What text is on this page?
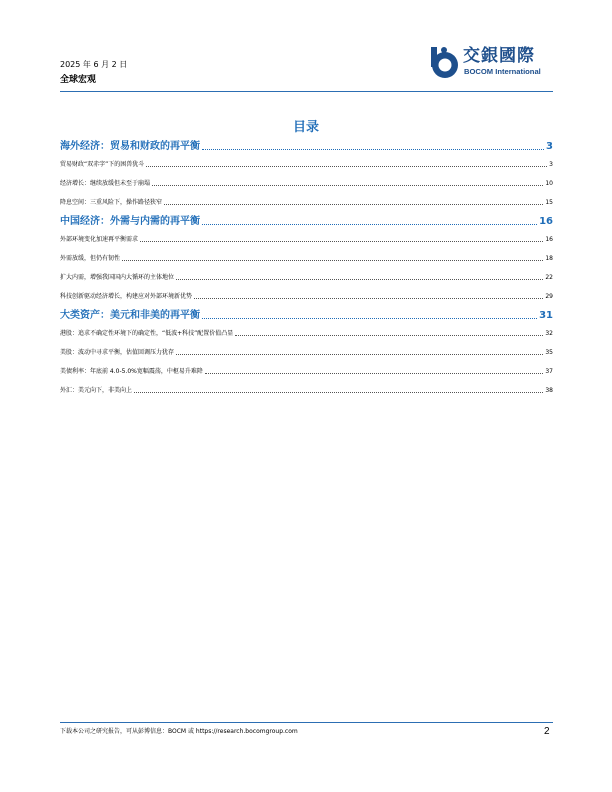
2025 年 6 月 2 日
全球宏观
交銀國際
BOCOM International
目录
海外经济：贸易和财政的再平衡	3
贸易财政“双赤字”下的困兽犹斗	3
经济增长：继续放缓但未至于崩塌	10
降息空间：三重风险下，操作路径狭窄	15
中国经济：外需与内需的再平衡	16
外部环境变化加速再平衡需求	16
外需放缓，但仍有韧性	18
扩大内需，增强我国国内大循环的主体地位	22
科技创新驱动经济增长，构建应对外部环境新优势	29
大类资产：美元和非美的再平衡	31
港股：追求不确定性环境下的确定性，“低波+科技”配置价值凸显	32
美股：波动中寻求平衡，估值回调压力犹存	35
美债利率：年底前 4.0-5.0%宽幅震荡，中枢易升难降	37
外汇：美元向下，非美向上	38
下载本公司之研究报告，可从彭博信息：BOCM 或 https://research.bocomgroup.com	2
